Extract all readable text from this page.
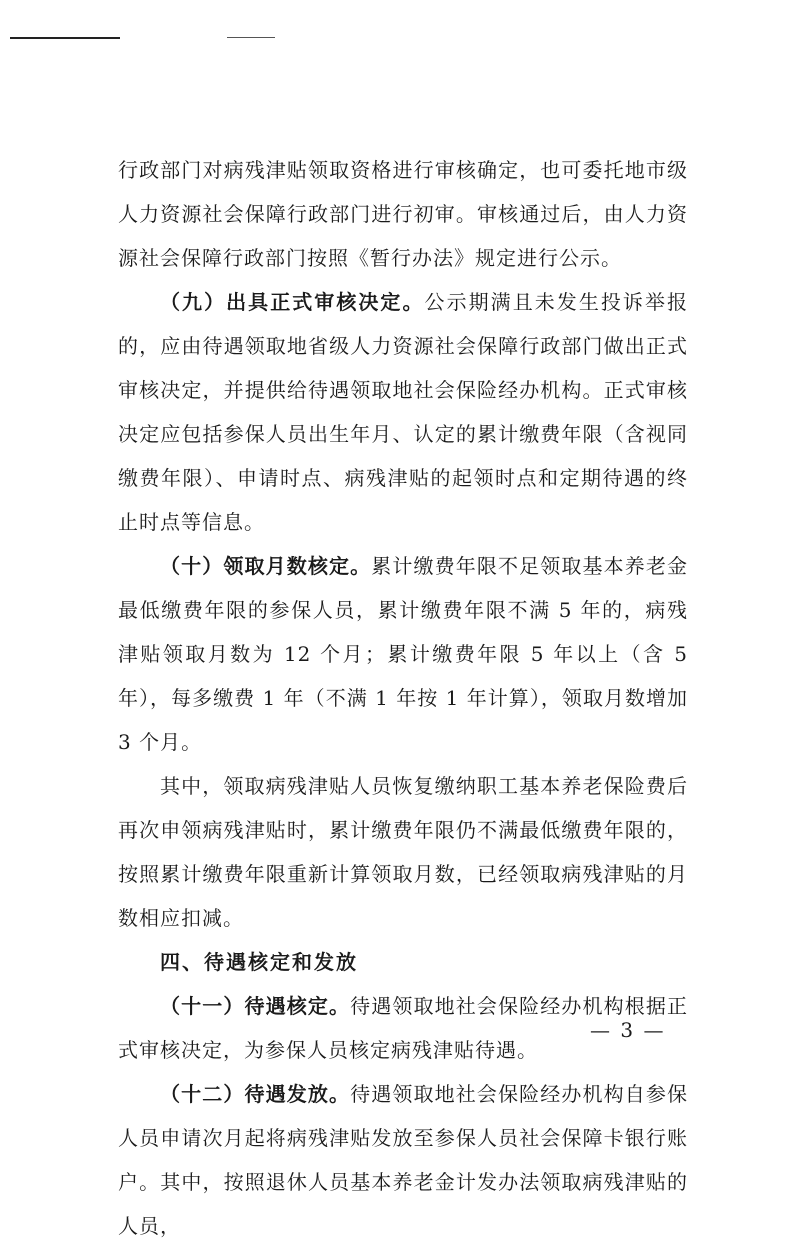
行政部门对病残津贴领取资格进行审核确定，也可委托地市级人力资源社会保障行政部门进行初审。审核通过后，由人力资源社会保障行政部门按照《暂行办法》规定进行公示。

（九）出具正式审核决定。公示期满且未发生投诉举报的，应由待遇领取地省级人力资源社会保障行政部门做出正式审核决定，并提供给待遇领取地社会保险经办机构。正式审核决定应包括参保人员出生年月、认定的累计缴费年限（含视同缴费年限）、申请时点、病残津贴的起领时点和定期待遇的终止时点等信息。

（十）领取月数核定。累计缴费年限不足领取基本养老金最低缴费年限的参保人员，累计缴费年限不满 5 年的，病残津贴领取月数为 12 个月；累计缴费年限 5 年以上（含 5 年），每多缴费 1 年（不满 1 年按 1 年计算），领取月数增加 3 个月。

其中，领取病残津贴人员恢复缴纳职工基本养老保险费后再次申领病残津贴时，累计缴费年限仍不满最低缴费年限的，按照累计缴费年限重新计算领取月数，已经领取病残津贴的月数相应扣减。

四、待遇核定和发放

（十一）待遇核定。待遇领取地社会保险经办机构根据正式审核决定，为参保人员核定病残津贴待遇。

（十二）待遇发放。待遇领取地社会保险经办机构自参保人员申请次月起将病残津贴发放至参保人员社会保障卡银行账户。其中，按照退休人员基本养老金计发办法领取病残津贴的人员，

— 3 —
